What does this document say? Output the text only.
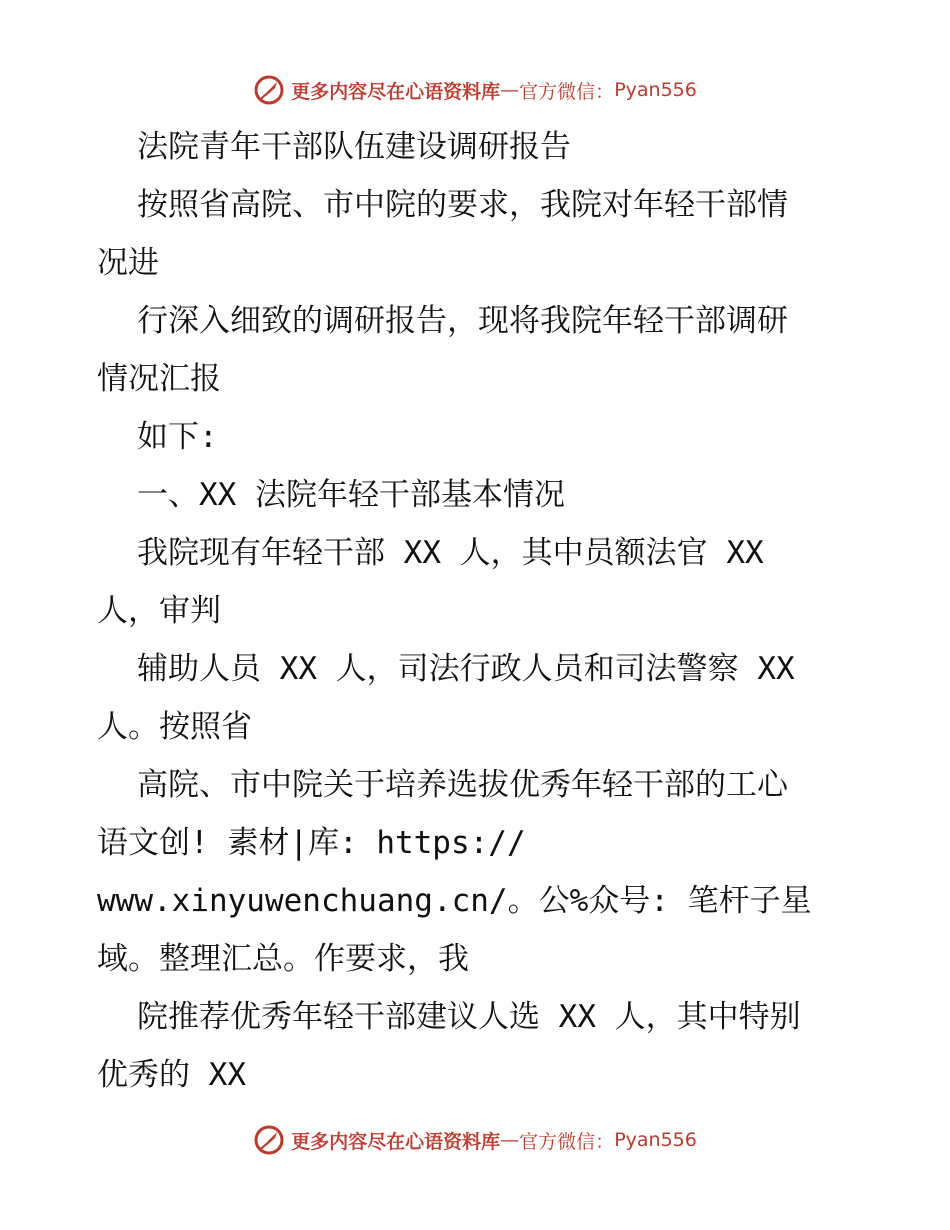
更多内容尽在心语资料库 — 官方微信： Pyan556
法院青年干部队伍建设调研报告
按照省高院、市中院的要求，我院对年轻干部情
况进
行深入细致的调研报告，现将我院年轻干部调研
情况汇报
如下:
一、XX 法院年轻干部基本情况
我院现有年轻干部 XX 人，其中员额法官 XX
人，审判
辅助人员 XX 人，司法行政人员和司法警察 XX
人。按照省
高院、市中院关于培养选拔优秀年轻干部的工心
语文创! 素材|库: https://
www.xinyuwenchuang.cn/。公%众号: 笔杆子星
域。整理汇总。作要求，我
院推荐优秀年轻干部建议人选 XX 人，其中特别
优秀的 XX
更多内容尽在心语资料库 — 官方微信： Pyan556
